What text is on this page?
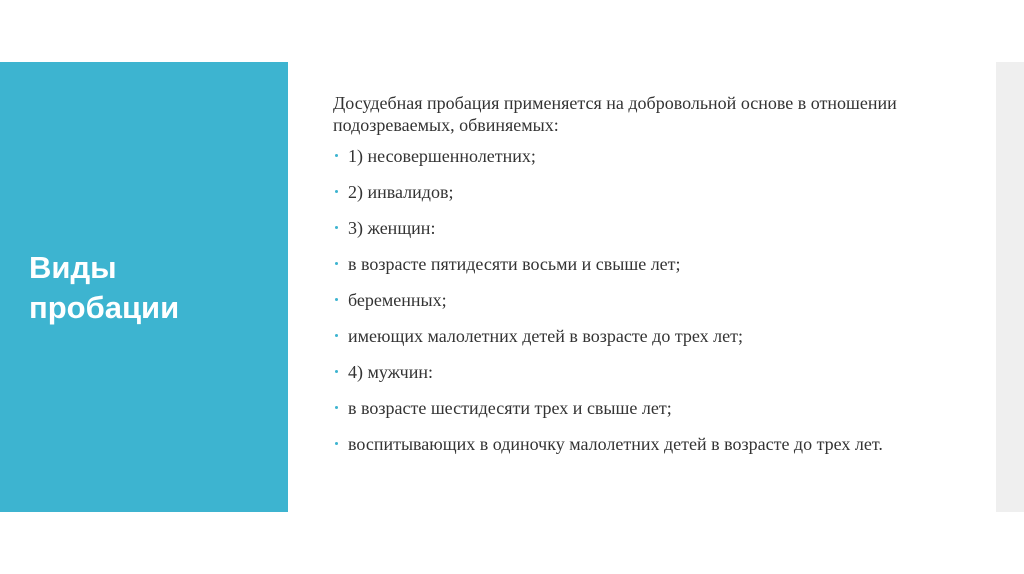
Виды
пробации

Досудебная пробация применяется на добровольной основе в отношении подозреваемых, обвиняемых:

1) несовершеннолетних;
2) инвалидов;
3) женщин:
в возрасте пятидесяти восьми и свыше лет;
беременных;
имеющих малолетних детей в возрасте до трех лет;
4) мужчин:
в возрасте шестидесяти трех и свыше лет;
воспитывающих в одиночку малолетних детей в возрасте до трех лет.
